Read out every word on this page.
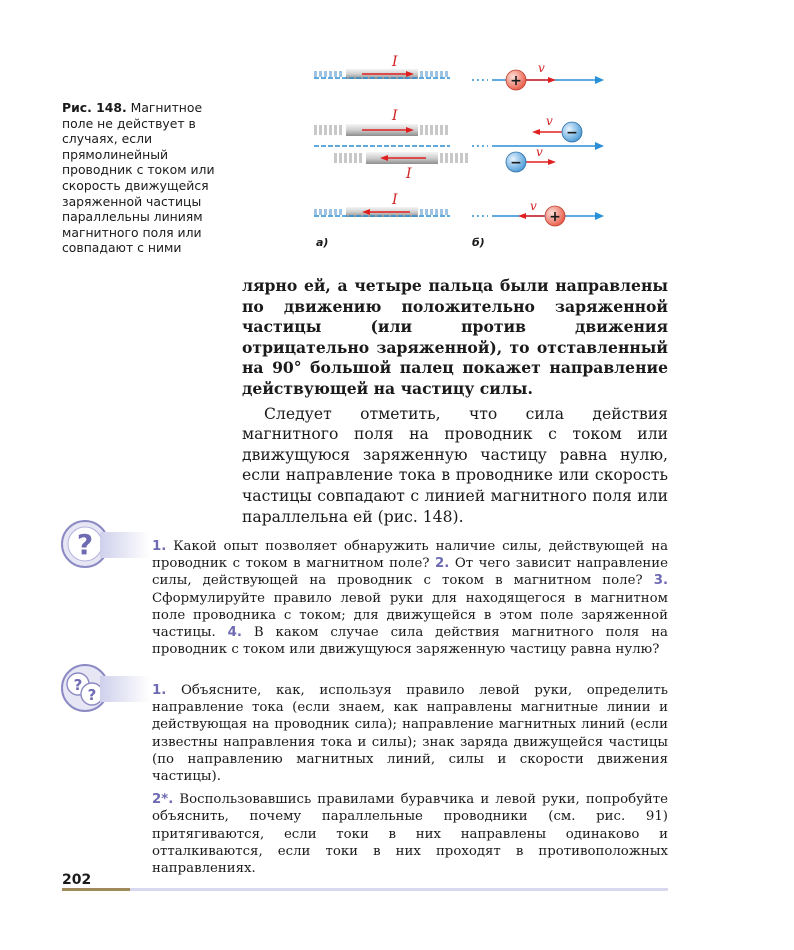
Рис. 148. Магнитное поле не действует в случаях, если прямолинейный проводник с током или скорость движущейся заряженной частицы параллельны линиям магнитного поля или совпадают с ними
I
I
I
I
а)
v
+
v
−
v
−
v
+
б)

лярно ей, а четыре пальца были направлены по движению положительно заряженной частицы (или против движения отрицательно заряженной), то отставленный на 90° большой палец покажет направление действующей на частицу силы.

Следует отметить, что сила действия магнитного поля на проводник с током или движущуюся заряженную частицу равна нулю, если направление тока в проводнике или скорость частицы совпадают с линией магнитного поля или параллельна ей (рис. 148).

?	1. Какой опыт позволяет обнаружить наличие силы, действующей на проводник с током в магнитном поле? 2. От чего зависит направление силы, действующей на проводник с током в магнитном поле? 3. Сформулируйте правило левой руки для находящегося в магнитном поле проводника с током; для движущейся в этом поле заряженной частицы. 4. В каком случае сила действия магнитного поля на проводник с током или движущуюся заряженную частицу равна нулю?

?
?	1. Объясните, как, используя правило левой руки, определить направление тока (если знаем, как направлены магнитные линии и действующая на проводник сила); направление магнитных линий (если известны направления тока и силы); знак заряда движущейся частицы (по направлению магнитных линий, силы и скорости движения частицы).

2*. Воспользовавшись правилами буравчика и левой руки, попробуйте объяснить, почему параллельные проводники (см. рис. 91) притягиваются, если токи в них направлены одинаково и отталкиваются, если токи в них проходят в противоположных направлениях.

202
